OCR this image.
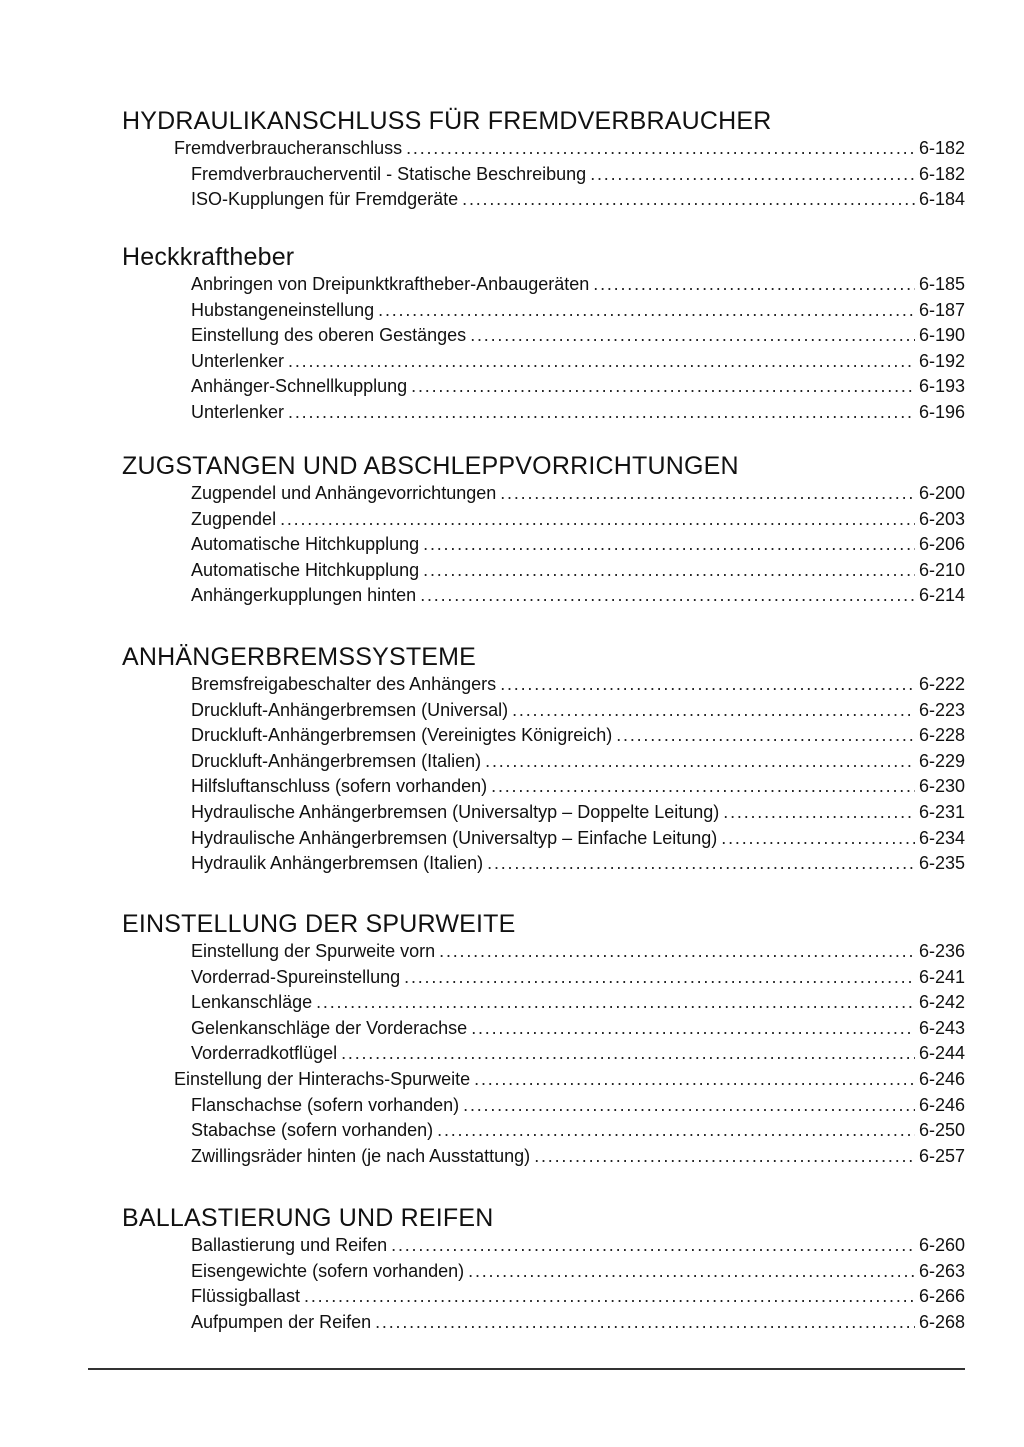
HYDRAULIKANSCHLUSS FÜR FREMDVERBRAUCHER
Fremdverbraucheranschluss . . .	6-182
Fremdverbraucherventil - Statische Beschreibung . . .	6-182
ISO-Kupplungen für Fremdgeräte . . .	6-184
Heckkraftheber
Anbringen von Dreipunktkraftheber-Anbaugeräten . . .	6-185
Hubstangeneinstellung . . .	6-187
Einstellung des oberen Gestänges . . .	6-190
Unterlenker . . .	6-192
Anhänger-Schnellkupplung . . .	6-193
Unterlenker . . .	6-196
ZUGSTANGEN UND ABSCHLEPPVORRICHTUNGEN
Zugpendel und Anhängevorrichtungen . . .	6-200
Zugpendel . . .	6-203
Automatische Hitchkupplung . . .	6-206
Automatische Hitchkupplung . . .	6-210
Anhängerkupplungen hinten . . .	6-214
ANHÄNGERBREMSSYSTEME
Bremsfreigabeschalter des Anhängers . . .	6-222
Druckluft-Anhängerbremsen (Universal) . . .	6-223
Druckluft-Anhängerbremsen (Vereinigtes Königreich) . . .	6-228
Druckluft-Anhängerbremsen (Italien) . . .	6-229
Hilfsluftanschluss (sofern vorhanden) . . .	6-230
Hydraulische Anhängerbremsen (Universaltyp – Doppelte Leitung) . . .	6-231
Hydraulische Anhängerbremsen (Universaltyp – Einfache Leitung) . . .	6-234
Hydraulik Anhängerbremsen (Italien) . . .	6-235
EINSTELLUNG DER SPURWEITE
Einstellung der Spurweite vorn . . .	6-236
Vorderrad-Spureinstellung . . .	6-241
Lenkanschläge . . .	6-242
Gelenkanschläge der Vorderachse . . .	6-243
Vorderradkotflügel . . .	6-244
Einstellung der Hinterachs-Spurweite . . .	6-246
Flanschachse (sofern vorhanden) . . .	6-246
Stabachse (sofern vorhanden) . . .	6-250
Zwillingsräder hinten (je nach Ausstattung) . . .	6-257
BALLASTIERUNG UND REIFEN
Ballastierung und Reifen . . .	6-260
Eisengewichte (sofern vorhanden) . . .	6-263
Flüssigballast . . .	6-266
Aufpumpen der Reifen . . .	6-268
